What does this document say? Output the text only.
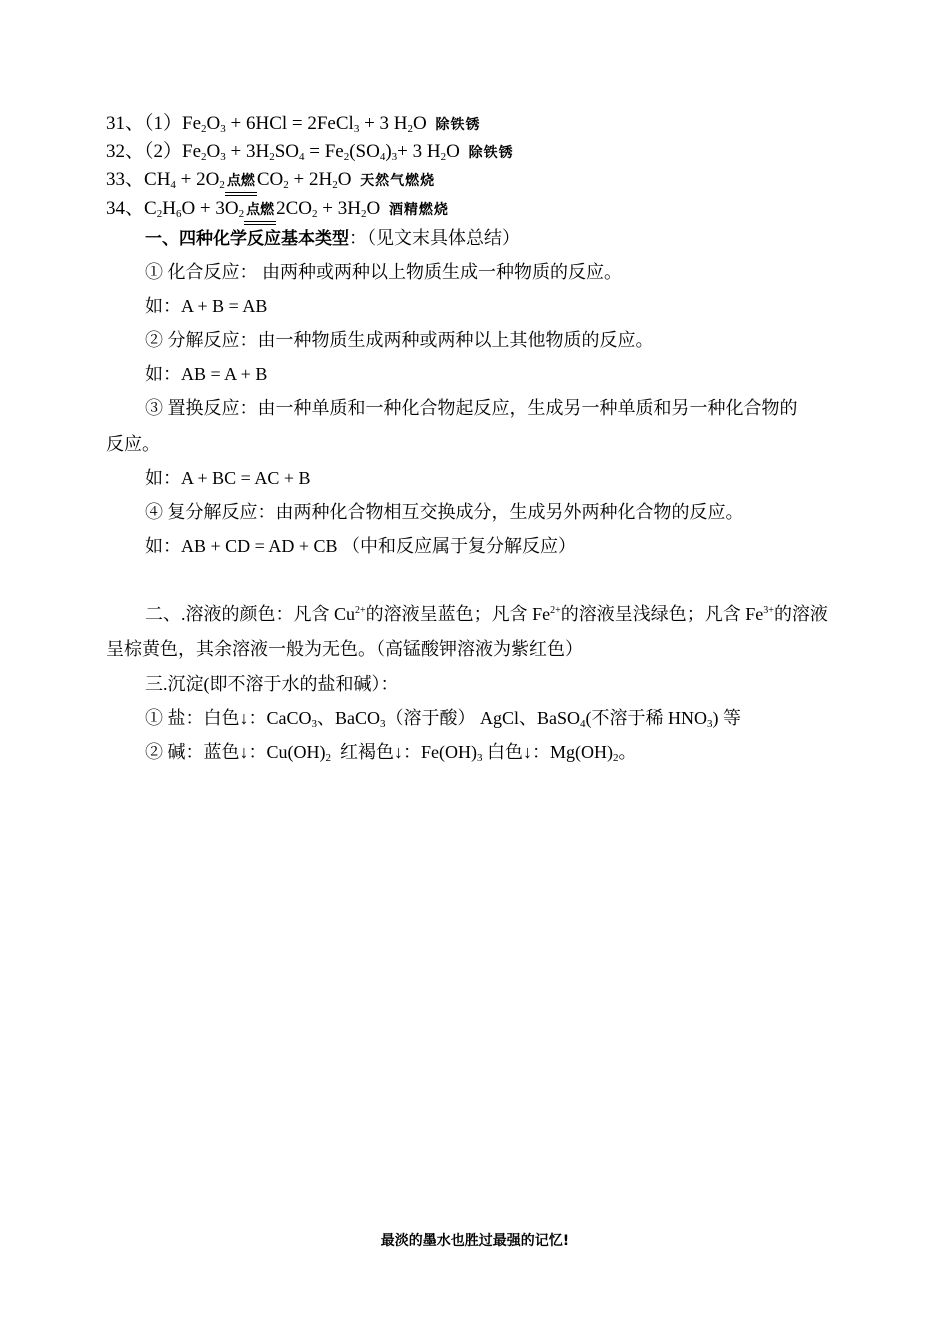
31、$(1)Fe_2O_3 + 6HCl$ = 2FeCl$_3$ + 3 $H_2O$ 除铁锈
32、$(2)Fe_2O_3 + 3H_2SO_4 = Fe_2(SO_4)_3+ 3$ $H_2O$ 除铁锈
33、$CH_4 + 2O_2$ 点燃 $CO_2 + 2H_2O$ 天然气燃烧
34、$C_2H_6O + 3O_2$ 点燃 $2CO_2 + 3H_2O$ 酒精燃烧
一、四种化学反应基本类型：（见文末具体总结）
① 化合反应： 由两种或两种以上物质生成一种物质的反应。
如：A + B = AB
② 分解反应：由一种物质生成两种或两种以上其他物质的反应。
如：AB = A + B
③ 置换反应：由一种单质和一种化合物起反应，生成另一种单质和另一种化合物的
反应。
如：A + BC = AC + B
④ 复分解反应：由两种化合物相互交换成分，生成另外两种化合物的反应。
如：AB + CD = AD + CB （中和反应属于复分解反应）
二、.溶液的颜色：凡含 $Cu^{2+}$的溶液呈蓝色；凡含 $Fe^{2+}$的溶液呈浅绿色；凡含 $Fe^{3+}$的溶液
呈棕黄色，其余溶液一般为无色。（高锰酸钾溶液为紫红色）
三.沉淀(即不溶于水的盐和碱）：
① 盐：白色↓：CaCO$_3$、BaCO$_3$（溶于酸） AgCl、BaSO$_4$(不溶于稀 $HNO_3$) 等
② 碱：蓝色↓：$Cu(OH)_2$ 红褐色↓：$Fe(OH)_3$ 白色↓：$Mg(OH)_2$。
最淡的墨水也胜过最强的记忆!
